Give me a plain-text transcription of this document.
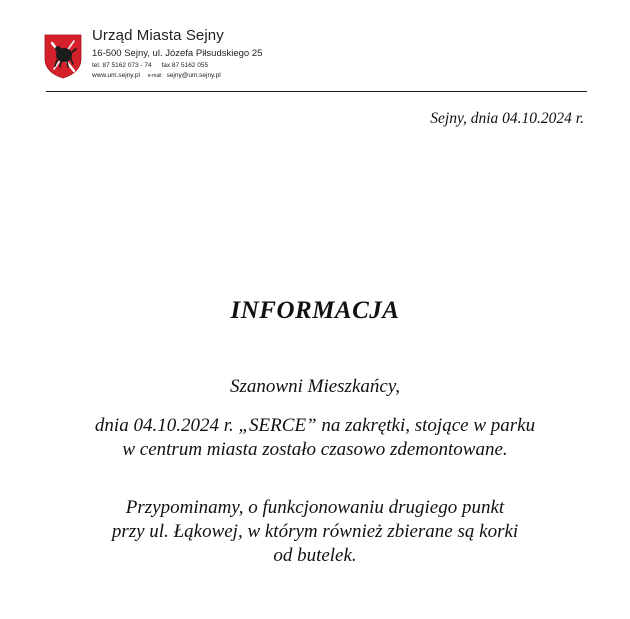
Urząd Miasta Sejny
16-500 Sejny, ul. Józefa Piłsudskiego 25
tel. 87 5162 073 - 74 fax 87 5162 055
www.um.sejny.pl e-mail: sejny@um.sejny.pl
Sejny, dnia 04.10.2024 r.
INFORMACJA
Szanowni Mieszkańcy,
dnia 04.10.2024 r. „SERCE” na zakrętki, stojące w parku
w centrum miasta zostało czasowo zdemontowane.
Przypominamy, o funkcjonowaniu drugiego punkt
przy ul. Łąkowej, w którym również zbierane są korki
od butelek.
